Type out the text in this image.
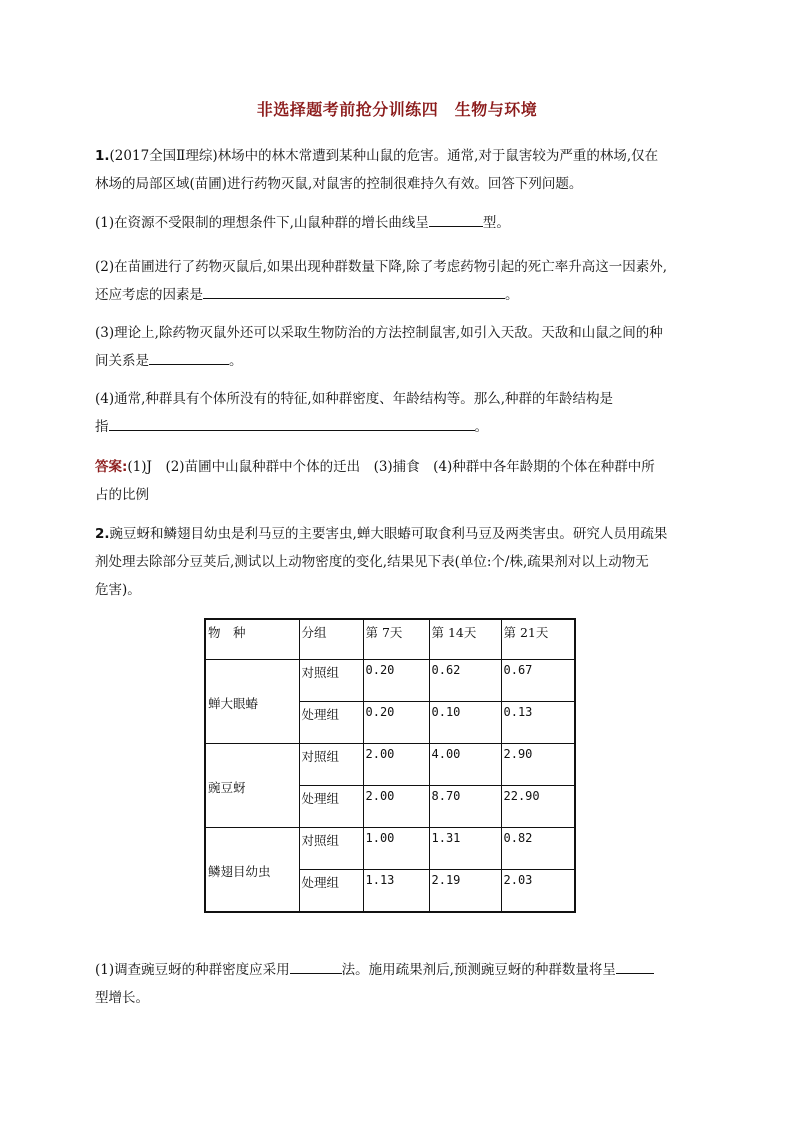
非选择题考前抢分训练四　生物与环境
1.(2017全国Ⅱ理综)林场中的林木常遭到某种山鼠的危害。通常,对于鼠害较为严重的林场,仅在
林场的局部区域(苗圃)进行药物灭鼠,对鼠害的控制很难持久有效。回答下列问题。
(1)在资源不受限制的理想条件下,山鼠种群的增长曲线呈	型。
(2)在苗圃进行了药物灭鼠后,如果出现种群数量下降,除了考虑药物引起的死亡率升高这一因素外,
还应考虑的因素是	。
(3)理论上,除药物灭鼠外还可以采取生物防治的方法控制鼠害,如引入天敌。天敌和山鼠之间的种
间关系是	。
(4)通常,种群具有个体所没有的特征,如种群密度、年龄结构等。那么,种群的年龄结构是
指	。
答案:(1)J　(2)苗圃中山鼠种群中个体的迁出　(3)捕食　(4)种群中各年龄期的个体在种群中所
占的比例
2.豌豆蚜和鳞翅目幼虫是利马豆的主要害虫,蝉大眼蝽可取食利马豆及两类害虫。研究人员用疏果
剂处理去除部分豆荚后,测试以上动物密度的变化,结果见下表(单位:个/株,疏果剂对以上动物无
危害)。
物　种	分组	第 7天	第 14天	第 21天
蝉大眼蝽	对照组	0.20	0.62	0.67
	处理组	0.20	0.10	0.13
豌豆蚜	对照组	2.00	4.00	2.90
	处理组	2.00	8.70	22.90
鳞翅目幼虫	对照组	1.00	1.31	0.82
	处理组	1.13	2.19	2.03
(1)调查豌豆蚜的种群密度应采用	法。施用疏果剂后,预测豌豆蚜的种群数量将呈
型增长。
